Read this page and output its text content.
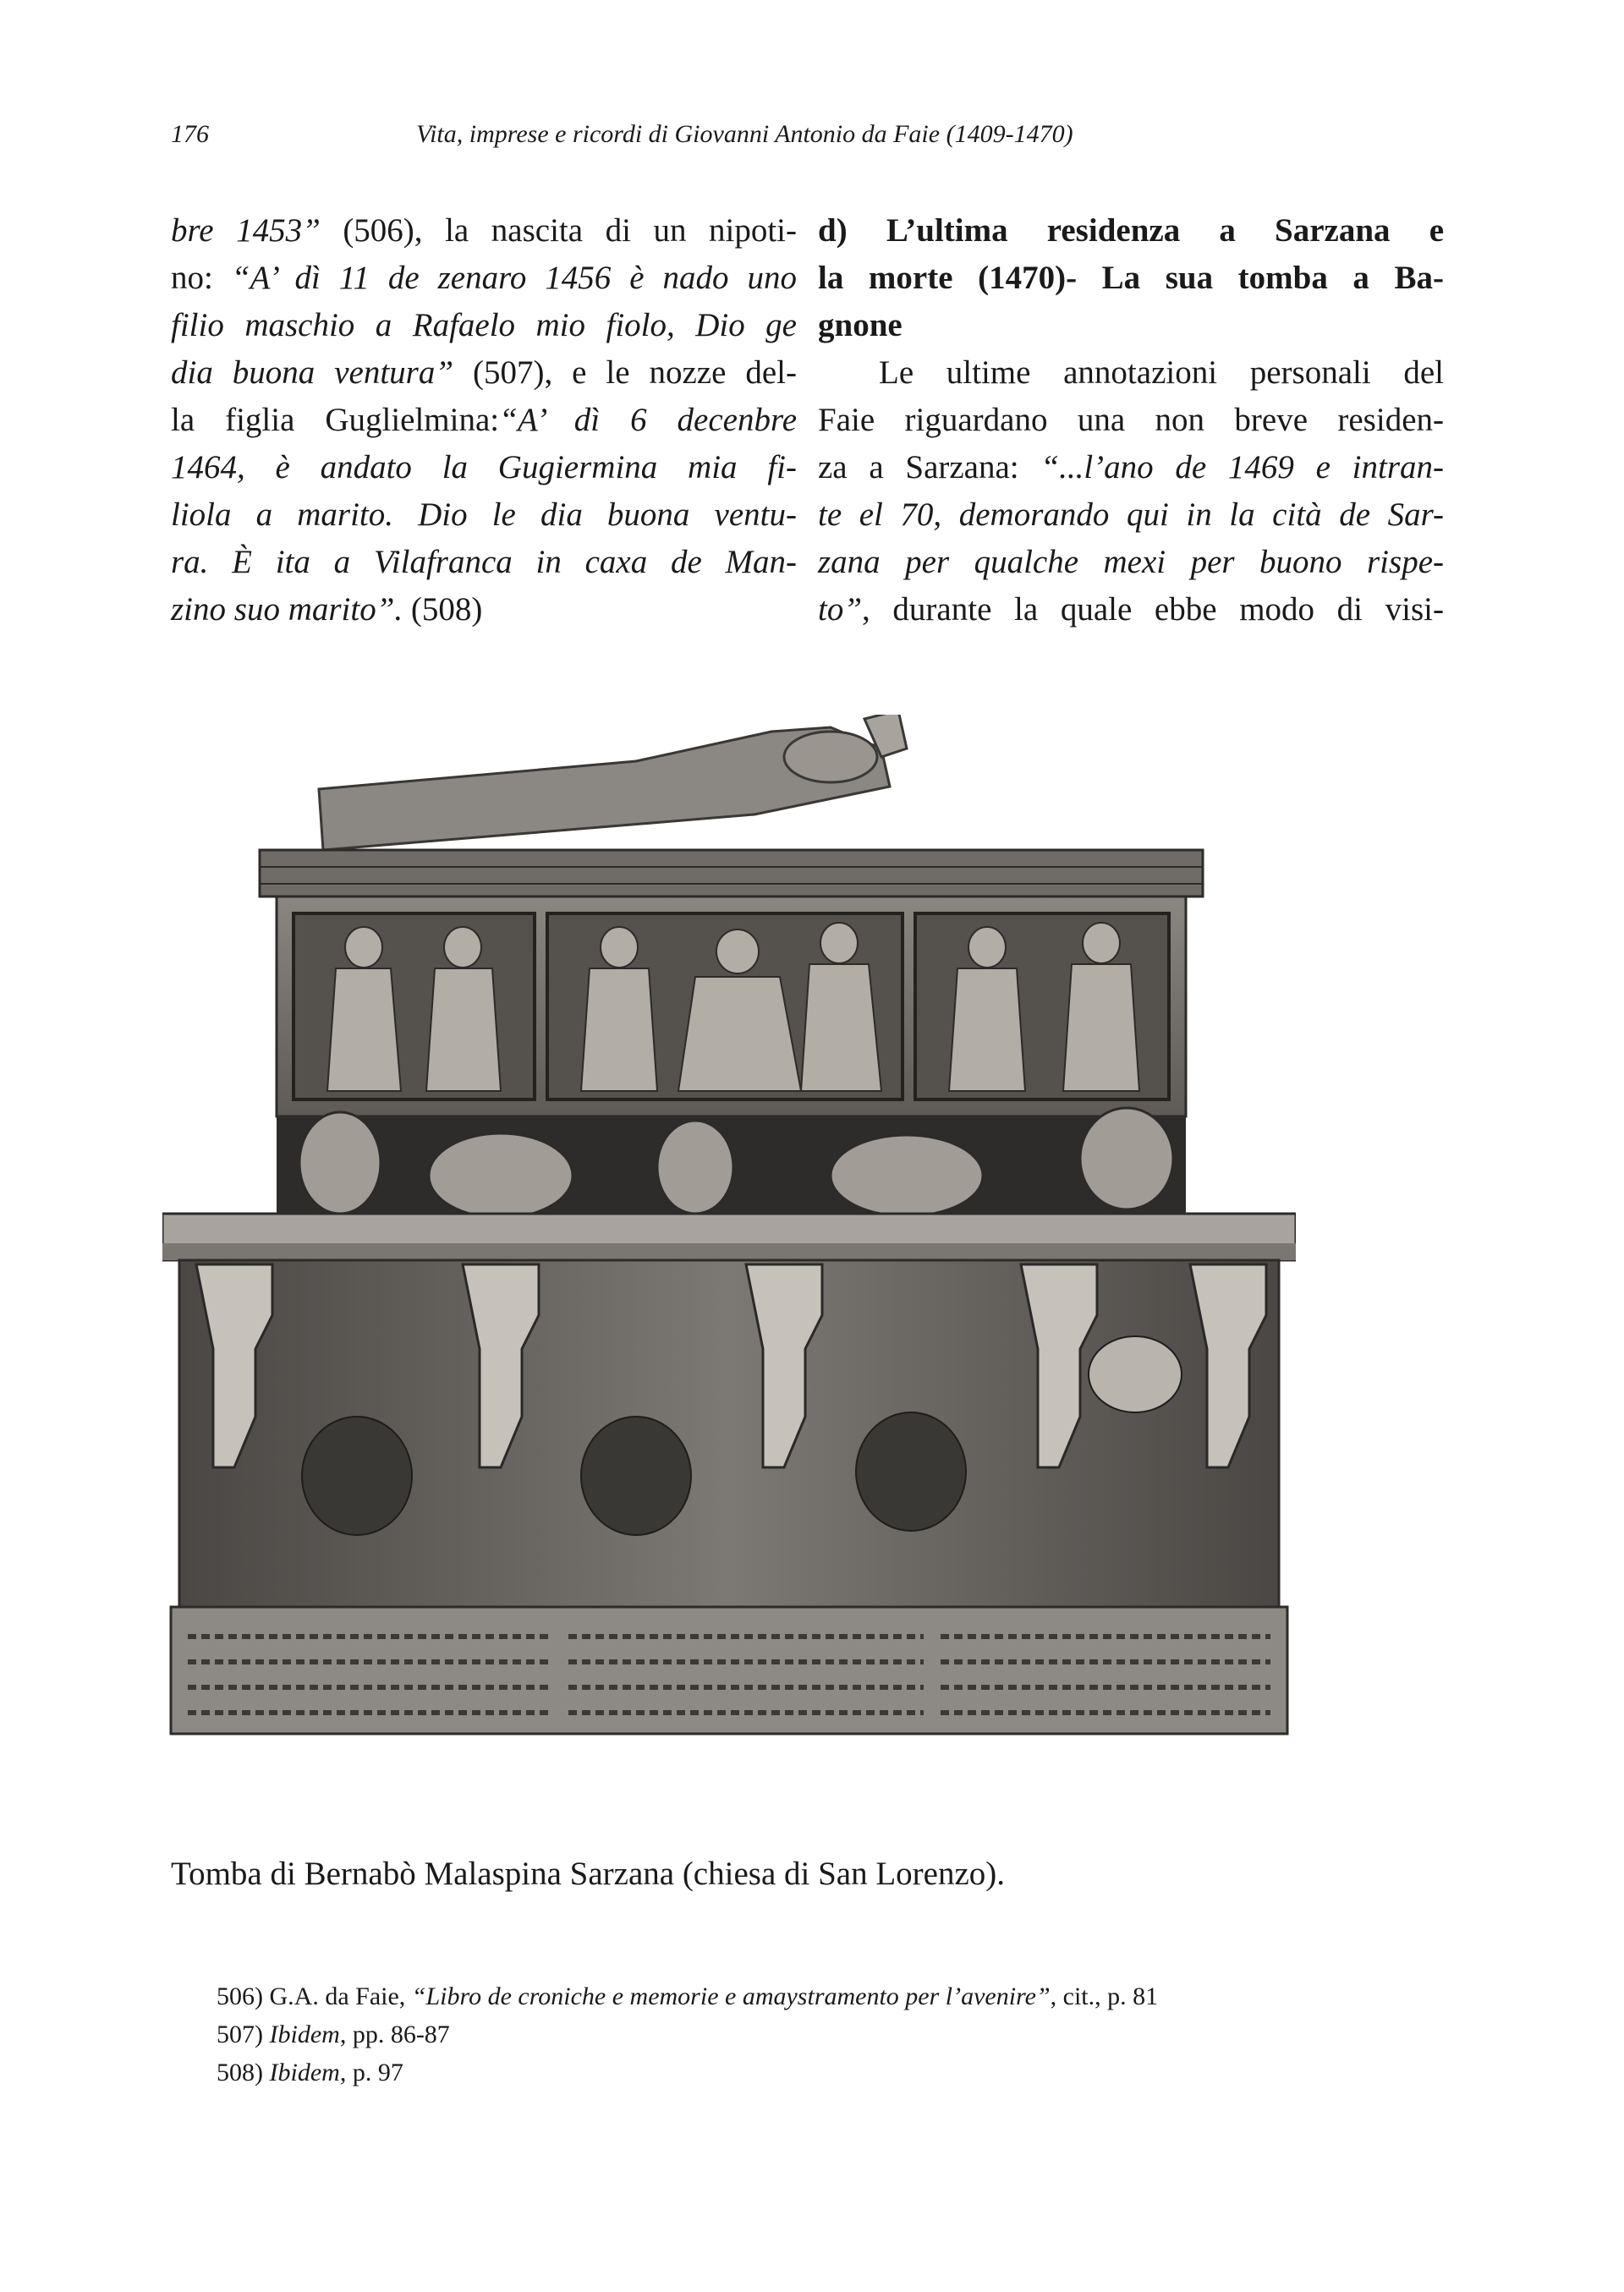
176	Vita, imprese e ricordi di Giovanni Antonio da Faie (1409-1470)
bre 1453” (506), la nascita di un nipoti-
no: “A’ dì 11 de zenaro 1456 è nado uno
filio maschio a Rafaelo mio fiolo, Dio ge
dia buona ventura” (507), e le nozze del-
la figlia Guglielmina:“A’ dì 6 decenbre
1464, è andato la Gugiermina mia fi-
liola a marito. Dio le dia buona ventu-
ra. È ita a Vilafranca in caxa de Man-
zino suo marito”. (508)
d) L’ultima residenza a Sarzana e
la morte (1470)- La sua tomba a Ba-
gnone
Le ultime annotazioni personali del
Faie riguardano una non breve residen-
za a Sarzana: “...l’ano de 1469 e intran-
te el 70, demorando qui in la cità de Sar-
zana per qualche mexi per buono rispe-
to”, durante la quale ebbe modo di visi-
Tomba di Bernabò Malaspina Sarzana (chiesa di San Lorenzo).
506) G.A. da Faie, “Libro de croniche e memorie e amaystramento per l’avenire”, cit., p. 81
507) Ibidem, pp. 86-87
508) Ibidem, p. 97
